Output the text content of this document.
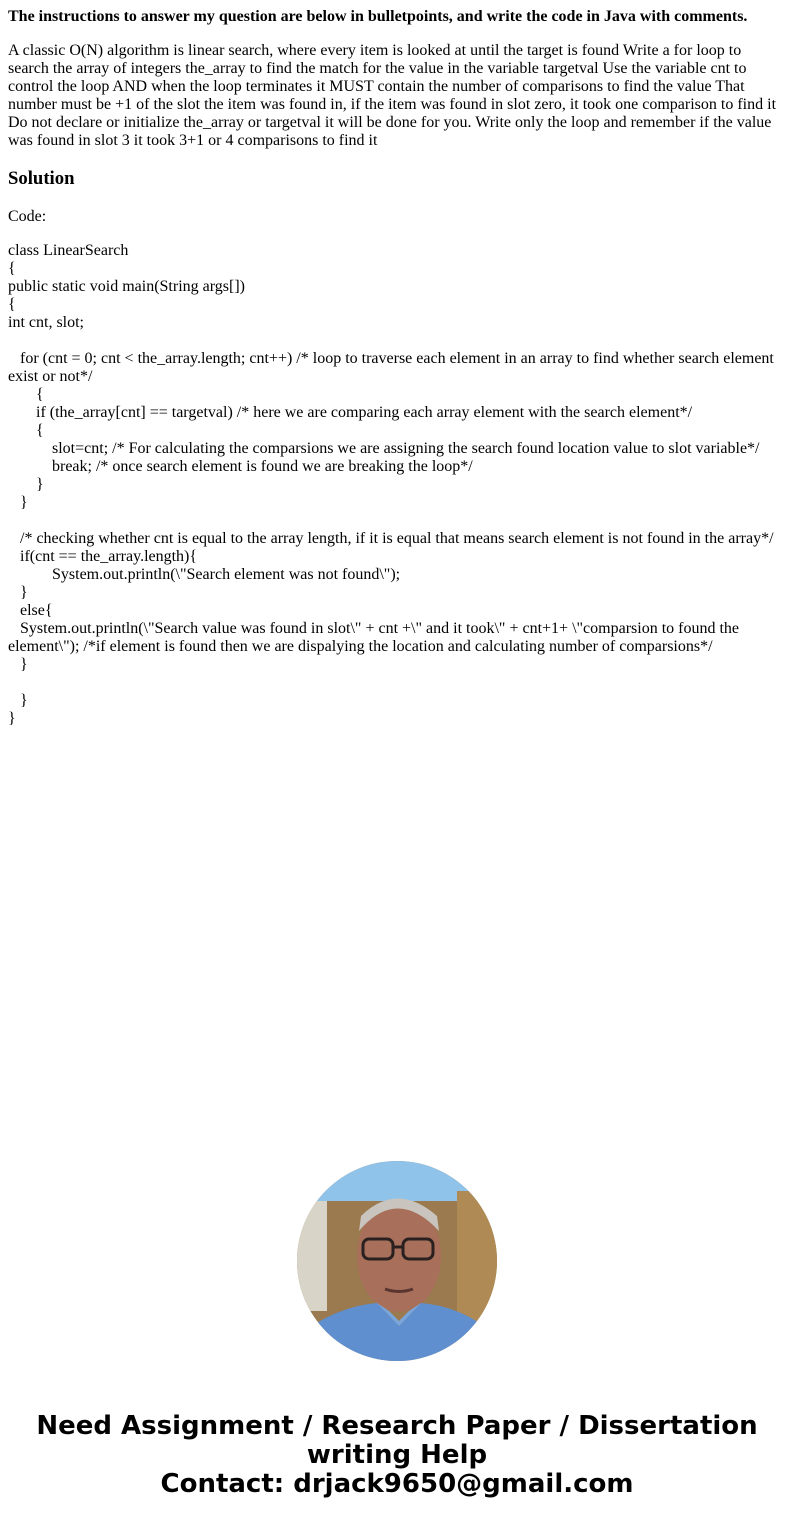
The instructions to answer my question are below in bulletpoints, and write the code in Java with comments.

A classic O(N) algorithm is linear search, where every item is looked at until the target is found Write a for loop to search the array of integers the_array to find the match for the value in the variable targetval Use the variable cnt to control the loop AND when the loop terminates it MUST contain the number of comparisons to find the value That number must be +1 of the slot the item was found in, if the item was found in slot zero, it took one comparison to find it Do not declare or initialize the_array or targetval it will be done for you. Write only the loop and remember if the value was found in slot 3 it took 3+1 or 4 comparisons to find it

Solution

Code:

class LinearSearch
{
public static void main(String args[])
{
int cnt, slot;

for (cnt = 0; cnt < the_array.length; cnt++) /* loop to traverse each element in an array to find whether search element exist or not*/
{
if (the_array[cnt] == targetval) /* here we are comparing each array element with the search element*/
{
slot=cnt; /* For calculating the comparsions we are assigning the search found location value to slot variable*/
break; /* once search element is found we are breaking the loop*/
}
}

/* checking whether cnt is equal to the array length, if it is equal that means search element is not found in the array*/
if(cnt == the_array.length){
System.out.println(\"Search element was not found\");
}
else{
System.out.println(\"Search value was found in slot\" + cnt +\" and it took\" + cnt+1+ \"comparsion to found the element\"); /*if element is found then we are dispalying the location and calculating number of comparsions*/
}

}
}
Need Assignment / Research Paper / Dissertation writing Help
Contact: drjack9650@gmail.com
